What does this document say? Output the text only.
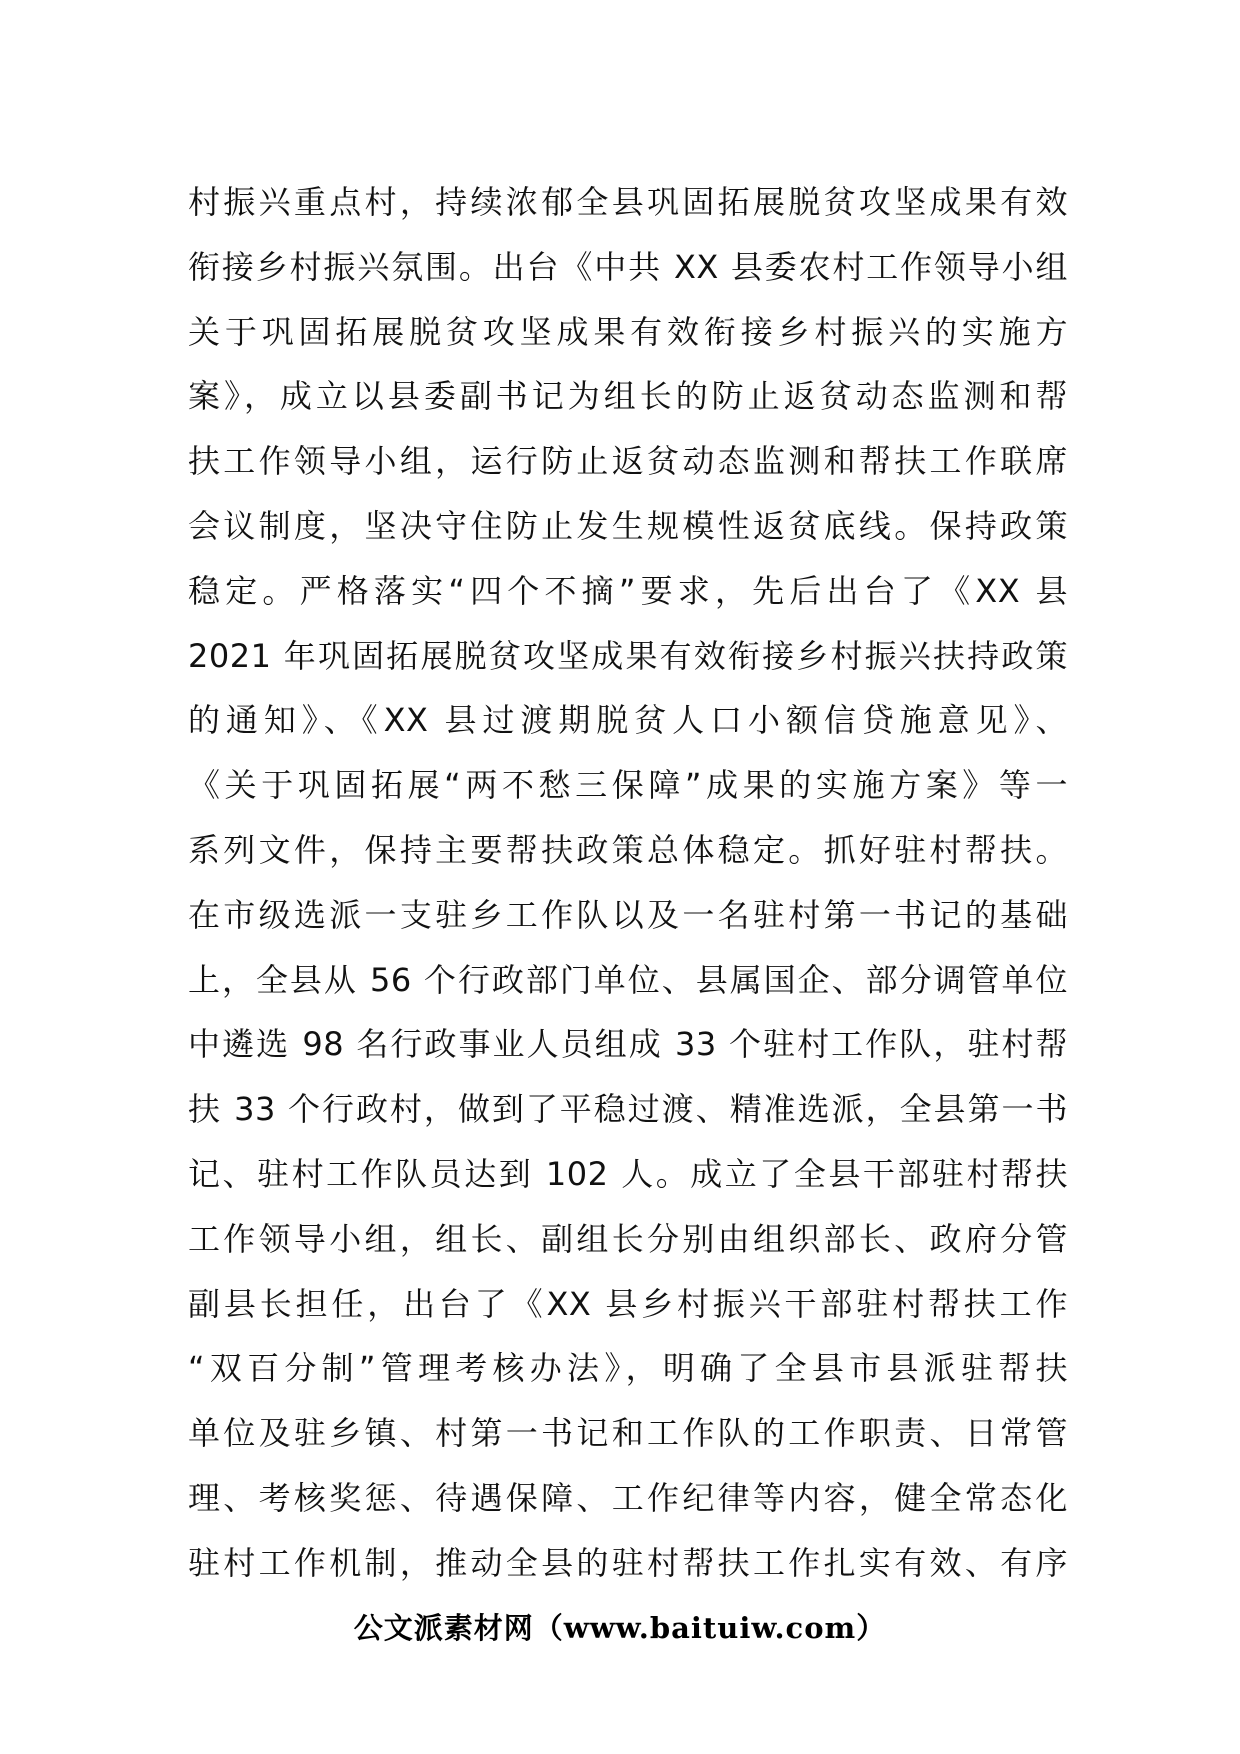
村振兴重点村，持续浓郁全县巩固拓展脱贫攻坚成果有效
衔接乡村振兴氛围。出台《中共 XX 县委农村工作领导小组
关于巩固拓展脱贫攻坚成果有效衔接乡村振兴的实施方
案》，成立以县委副书记为组长的防止返贫动态监测和帮
扶工作领导小组，运行防止返贫动态监测和帮扶工作联席
会议制度，坚决守住防止发生规模性返贫底线。保持政策
稳定。严格落实“四个不摘”要求，先后出台了《XX 县
2021 年巩固拓展脱贫攻坚成果有效衔接乡村振兴扶持政策
的通知》、《XX 县过渡期脱贫人口小额信贷施意见》、
《关于巩固拓展“两不愁三保障”成果的实施方案》等一
系列文件，保持主要帮扶政策总体稳定。抓好驻村帮扶。
在市级选派一支驻乡工作队以及一名驻村第一书记的基础
上，全县从 56 个行政部门单位、县属国企、部分调管单位
中遴选 98 名行政事业人员组成 33 个驻村工作队，驻村帮
扶 33 个行政村，做到了平稳过渡、精准选派，全县第一书
记、驻村工作队员达到 102 人。成立了全县干部驻村帮扶
工作领导小组，组长、副组长分别由组织部长、政府分管
副县长担任，出台了《XX 县乡村振兴干部驻村帮扶工作
“双百分制”管理考核办法》，明确了全县市县派驻帮扶
单位及驻乡镇、村第一书记和工作队的工作职责、日常管
理、考核奖惩、待遇保障、工作纪律等内容，健全常态化
驻村工作机制，推动全县的驻村帮扶工作扎实有效、有序
公文派素材网（www.baituiw.com）
